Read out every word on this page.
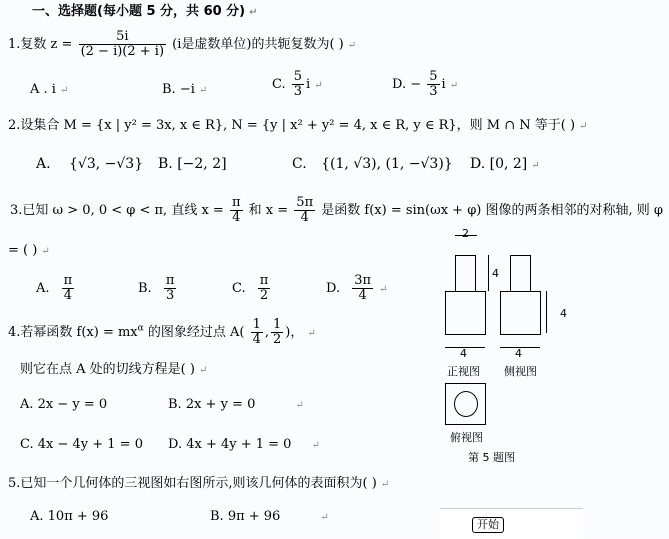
一、选择题(每小题 5 分，共 60 分) ↵
1.复数 $z = \frac{5i}{(2 - i)(2 + i)} (i$是虚数单位)的共轭复数为( ) ↵
A . i ↵	B. −i ↵	C. $\frac{5}{3}$ i ↵	D. − $\frac{5}{3}$ i ↵
2.设集合 M = {x | y² = 3x, x ∈ R}, N = {y | x² + y² = 4, x ∈ R, y ∈ R}，则 M ∩ N 等于( ) ↵
A. {√3, −√3} B. [−2, 2]	C. {(1, √3), (1, −√3)} D. [0, 2] ↵
3.已知 ω > 0, 0 < φ < π, 直线 $x = \frac{\pi}{4}$ 和 $x = \frac{5\pi}{4}$ 是函数 f(x) = sin(ωx + φ) 图像的两条相邻的对称轴, 则 φ
= ( ) ↵
A. $\frac{\pi}{4}$	B. $\frac{\pi}{3}$	C. $\frac{\pi}{2}$	D. $\frac{3\pi}{4}$ ↵
4.若幂函数 $f(x) = mx^\alpha$ 的图象经过点 $A( \frac{1}{4}$ , $\frac{1}{2}$ )， ↵
则它在点 A 处的切线方程是( ) ↵
A. 2x − y = 0	B. 2x + y = 0	↵
C. 4x − 4y + 1 = 0 D. 4x + 4y + 1 = 0 ↵
5.已知一个几何体的三视图如右图所示,则该几何体的表面积为( ) ↵
A. 10π + 96	B. 9π + 96	↵
2
4
4
4	4
正视图 侧视图
俯视图
第 5 题图
开始
